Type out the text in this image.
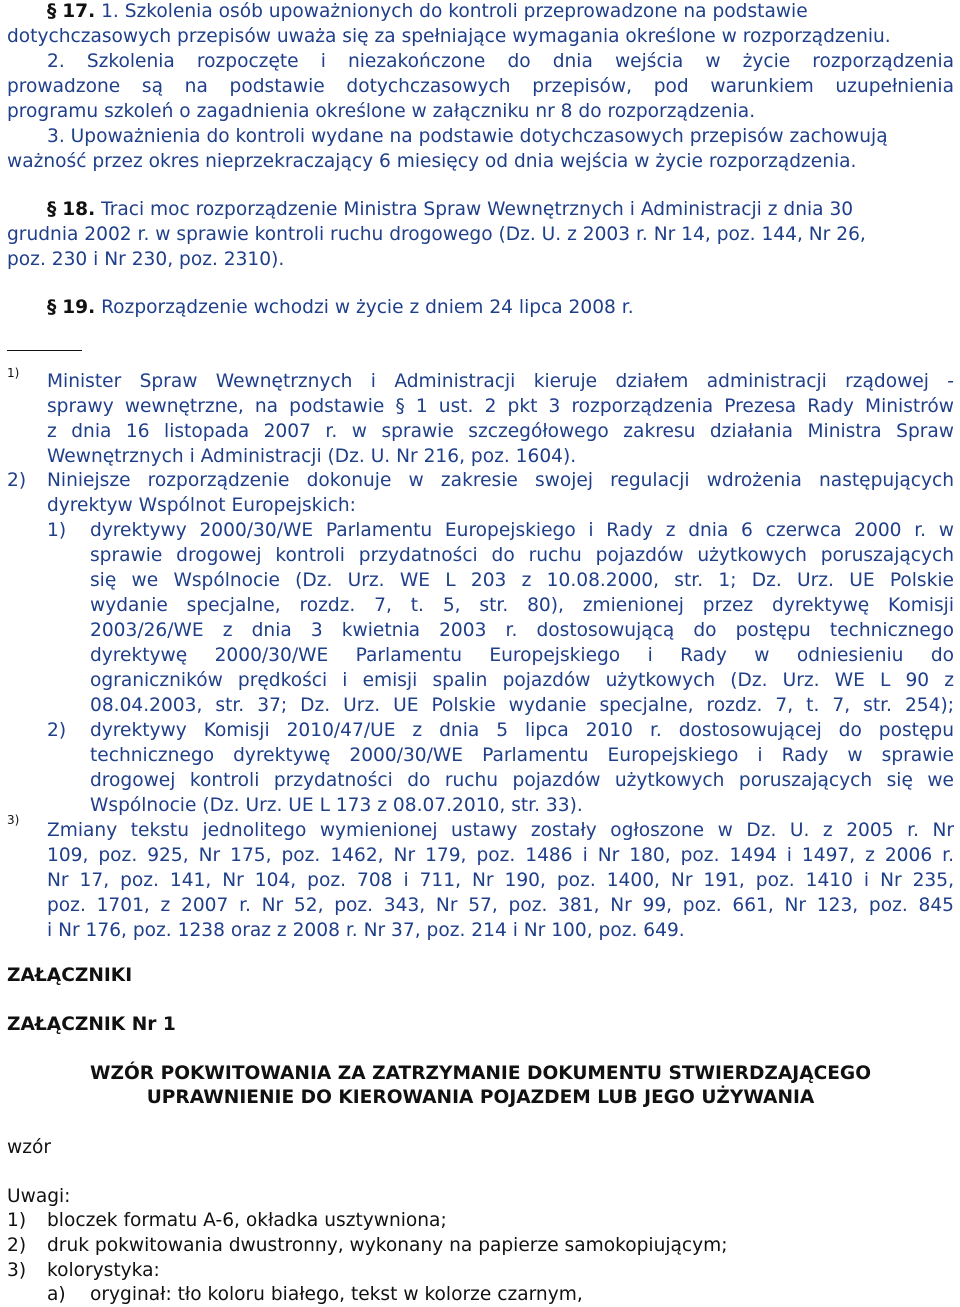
§ 17. 1. Szkolenia osób upoważnionych do kontroli przeprowadzone na podstawie
dotychczasowych przepisów uważa się za spełniające wymagania określone w rozporządzeniu.
2. Szkolenia rozpoczęte i niezakończone do dnia wejścia w życie rozporządzenia
prowadzone są na podstawie dotychczasowych przepisów, pod warunkiem uzupełnienia
programu szkoleń o zagadnienia określone w załączniku nr 8 do rozporządzenia.
3. Upoważnienia do kontroli wydane na podstawie dotychczasowych przepisów zachowują
ważność przez okres nieprzekraczający 6 miesięcy od dnia wejścia w życie rozporządzenia.
§ 18. Traci moc rozporządzenie Ministra Spraw Wewnętrznych i Administracji z dnia 30
grudnia 2002 r. w sprawie kontroli ruchu drogowego (Dz. U. z 2003 r. Nr 14, poz. 144, Nr 26,
poz. 230 i Nr 230, poz. 2310).
§ 19. Rozporządzenie wchodzi w życie z dniem 24 lipca 2008 r.
1) Minister Spraw Wewnętrznych i Administracji kieruje działem administracji rządowej -
sprawy wewnętrzne, na podstawie § 1 ust. 2 pkt 3 rozporządzenia Prezesa Rady Ministrów
z dnia 16 listopada 2007 r. w sprawie szczegółowego zakresu działania Ministra Spraw
Wewnętrznych i Administracji (Dz. U. Nr 216, poz. 1604).
2)	Niniejsze rozporządzenie dokonuje w zakresie swojej regulacji wdrożenia następujących
dyrektyw Wspólnot Europejskich:
1)	dyrektywy 2000/30/WE Parlamentu Europejskiego i Rady z dnia 6 czerwca 2000 r. w
sprawie drogowej kontroli przydatności do ruchu pojazdów użytkowych poruszających
się we Wspólnocie (Dz. Urz. WE L 203 z 10.08.2000, str. 1; Dz. Urz. UE Polskie
wydanie specjalne, rozdz. 7, t. 5, str. 80), zmienionej przez dyrektywę Komisji
2003/26/WE z dnia 3 kwietnia 2003 r. dostosowującą do postępu technicznego
dyrektywę 2000/30/WE Parlamentu Europejskiego i Rady w odniesieniu do
ograniczników prędkości i emisji spalin pojazdów użytkowych (Dz. Urz. WE L 90 z
08.04.2003, str. 37; Dz. Urz. UE Polskie wydanie specjalne, rozdz. 7, t. 7, str. 254);
2)	dyrektywy Komisji 2010/47/UE z dnia 5 lipca 2010 r. dostosowującej do postępu
technicznego dyrektywę 2000/30/WE Parlamentu Europejskiego i Rady w sprawie
drogowej kontroli przydatności do ruchu pojazdów użytkowych poruszających się we
Wspólnocie (Dz. Urz. UE L 173 z 08.07.2010, str. 33).
3) Zmiany tekstu jednolitego wymienionej ustawy zostały ogłoszone w Dz. U. z 2005 r. Nr
109, poz. 925, Nr 175, poz. 1462, Nr 179, poz. 1486 i Nr 180, poz. 1494 i 1497, z 2006 r.
Nr 17, poz. 141, Nr 104, poz. 708 i 711, Nr 190, poz. 1400, Nr 191, poz. 1410 i Nr 235,
poz. 1701, z 2007 r. Nr 52, poz. 343, Nr 57, poz. 381, Nr 99, poz. 661, Nr 123, poz. 845
i Nr 176, poz. 1238 oraz z 2008 r. Nr 37, poz. 214 i Nr 100, poz. 649.
ZAŁĄCZNIKI
ZAŁĄCZNIK Nr 1
WZÓR POKWITOWANIA ZA ZATRZYMANIE DOKUMENTU STWIERDZAJĄCEGO
UPRAWNIENIE DO KIEROWANIA POJAZDEM LUB JEGO UŻYWANIA
wzór
Uwagi:
1)	bloczek formatu A-6, okładka usztywniona;
2)	druk pokwitowania dwustronny, wykonany na papierze samokopiującym;
3)	kolorystyka:
a)	oryginał: tło koloru białego, tekst w kolorze czarnym,
